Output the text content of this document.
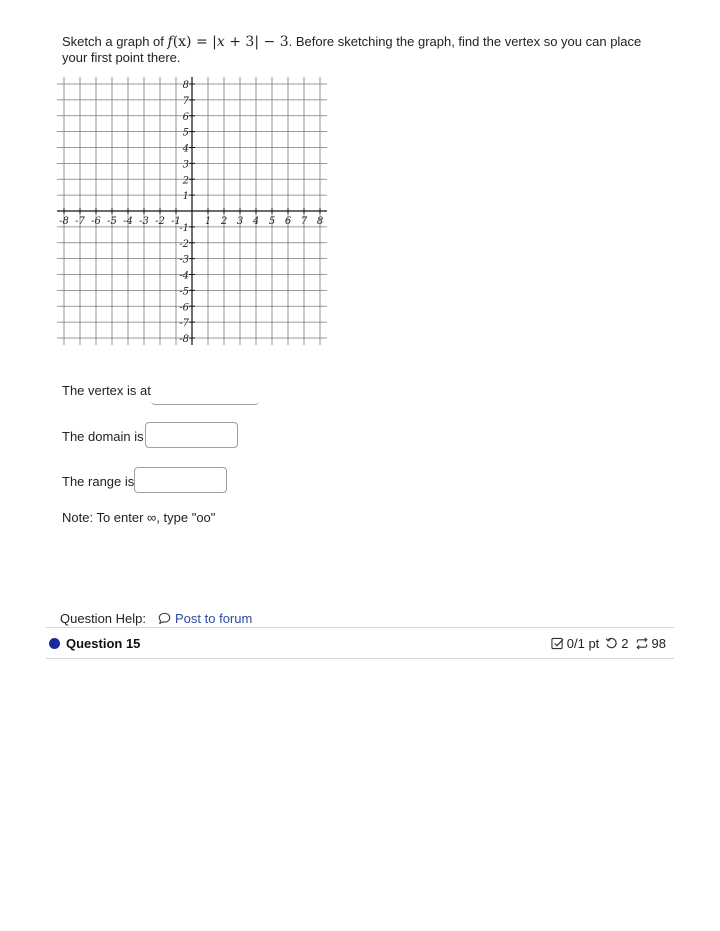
Sketch a graph of f(x) = |x + 3| − 3. Before sketching the graph, find the vertex so you can place your first point there.
-8 -7 -6 -5 -4 -3 -2 -1 1 2 3 4 5 6 7 8
8
7
6
5
4
3
2
1
-1
-2
-3
-4
-5
-6
-7
-8
The vertex is at
The domain is
The range is
Note: To enter ∞, type "oo"
Question Help: Post to forum
Question 15	0/1 pt 2 98
